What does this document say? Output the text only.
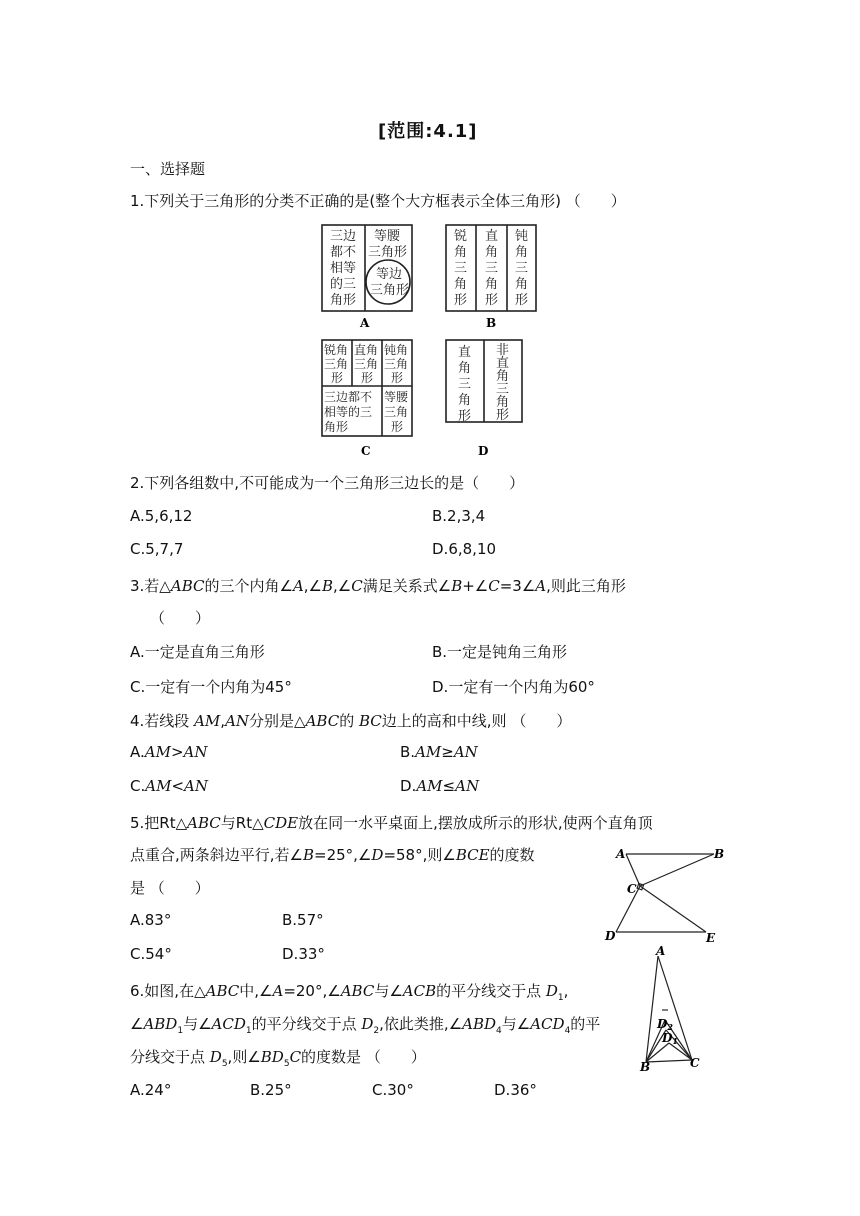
[范围:4.1]
一、选择题
1.下列关于三角形的分类不正确的是(整个大方框表示全体三角形) （　　）
三边
都不
相等
的三
角形
等腰
三角形
等边
三角形
A
锐
角
三
角
形
直
角
三
角
形
钝
角
三
角
形
B
锐角
三角
形
直角
三角
形
钝角
三角
形
三边都不
相等的三
角形
等腰
三角
形
C
直
角
三
角
形
非
直
角
三
角
形
D
2.下列各组数中,不可能成为一个三角形三边长的是（　　）
A.5,6,12	B.2,3,4
C.5,7,7	D.6,8,10
3.若△ABC的三个内角∠A,∠B,∠C满足关系式∠B+∠C=3∠A,则此三角形
（　　）
A.一定是直角三角形	B.一定是钝角三角形
C.一定有一个内角为45°	D.一定有一个内角为60°
4.若线段 AM,AN分别是△ABC的 BC边上的高和中线,则 （　　）
A.AM>AN	B.AM≥AN
C.AM<AN	D.AM≤AN
5.把Rt△ABC与Rt△CDE放在同一水平桌面上,摆放成所示的形状,使两个直角顶
点重合,两条斜边平行,若∠B=25°,∠D=58°,则∠BCE的度数
是 （　　）
A.83°	B.57°
C.54°	D.33°
A	B
C
D	E
6.如图,在△ABC中,∠A=20°,∠ABC与∠ACB的平分线交于点 $D_1$,
$\angle ABD_1$与$\angle ACD_1$的平分线交于点 $D_2$,依此类推$,\angle ABD_4$与$\angle ACD_4$的平
分线交于点 $D_5$,则$\angle BD_5C$的度数是 （　　）
A.24°	B.25°	C.30°	D.36°
A
B	C
D2
D1
